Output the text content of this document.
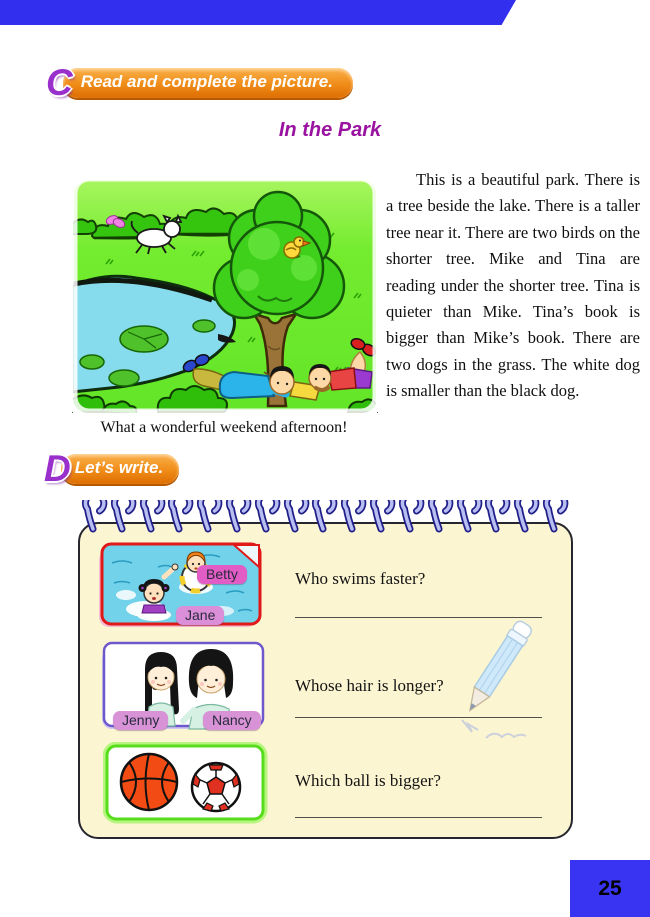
C Read and complete the picture.
In the Park
This is a beautiful park. There is a tree beside the lake. There is a taller tree near it. There are two birds on the shorter tree. Mike and Tina are reading under the shorter tree. Tina is quieter than Mike. Tina’s book is bigger than Mike’s book. There are two dogs in the grass. The white dog is smaller than the black dog.
What a wonderful weekend afternoon!
D Let’s write.
Betty
Jane
Jenny	Nancy
Who swims faster?
Whose hair is longer?
Which ball is bigger?
25
